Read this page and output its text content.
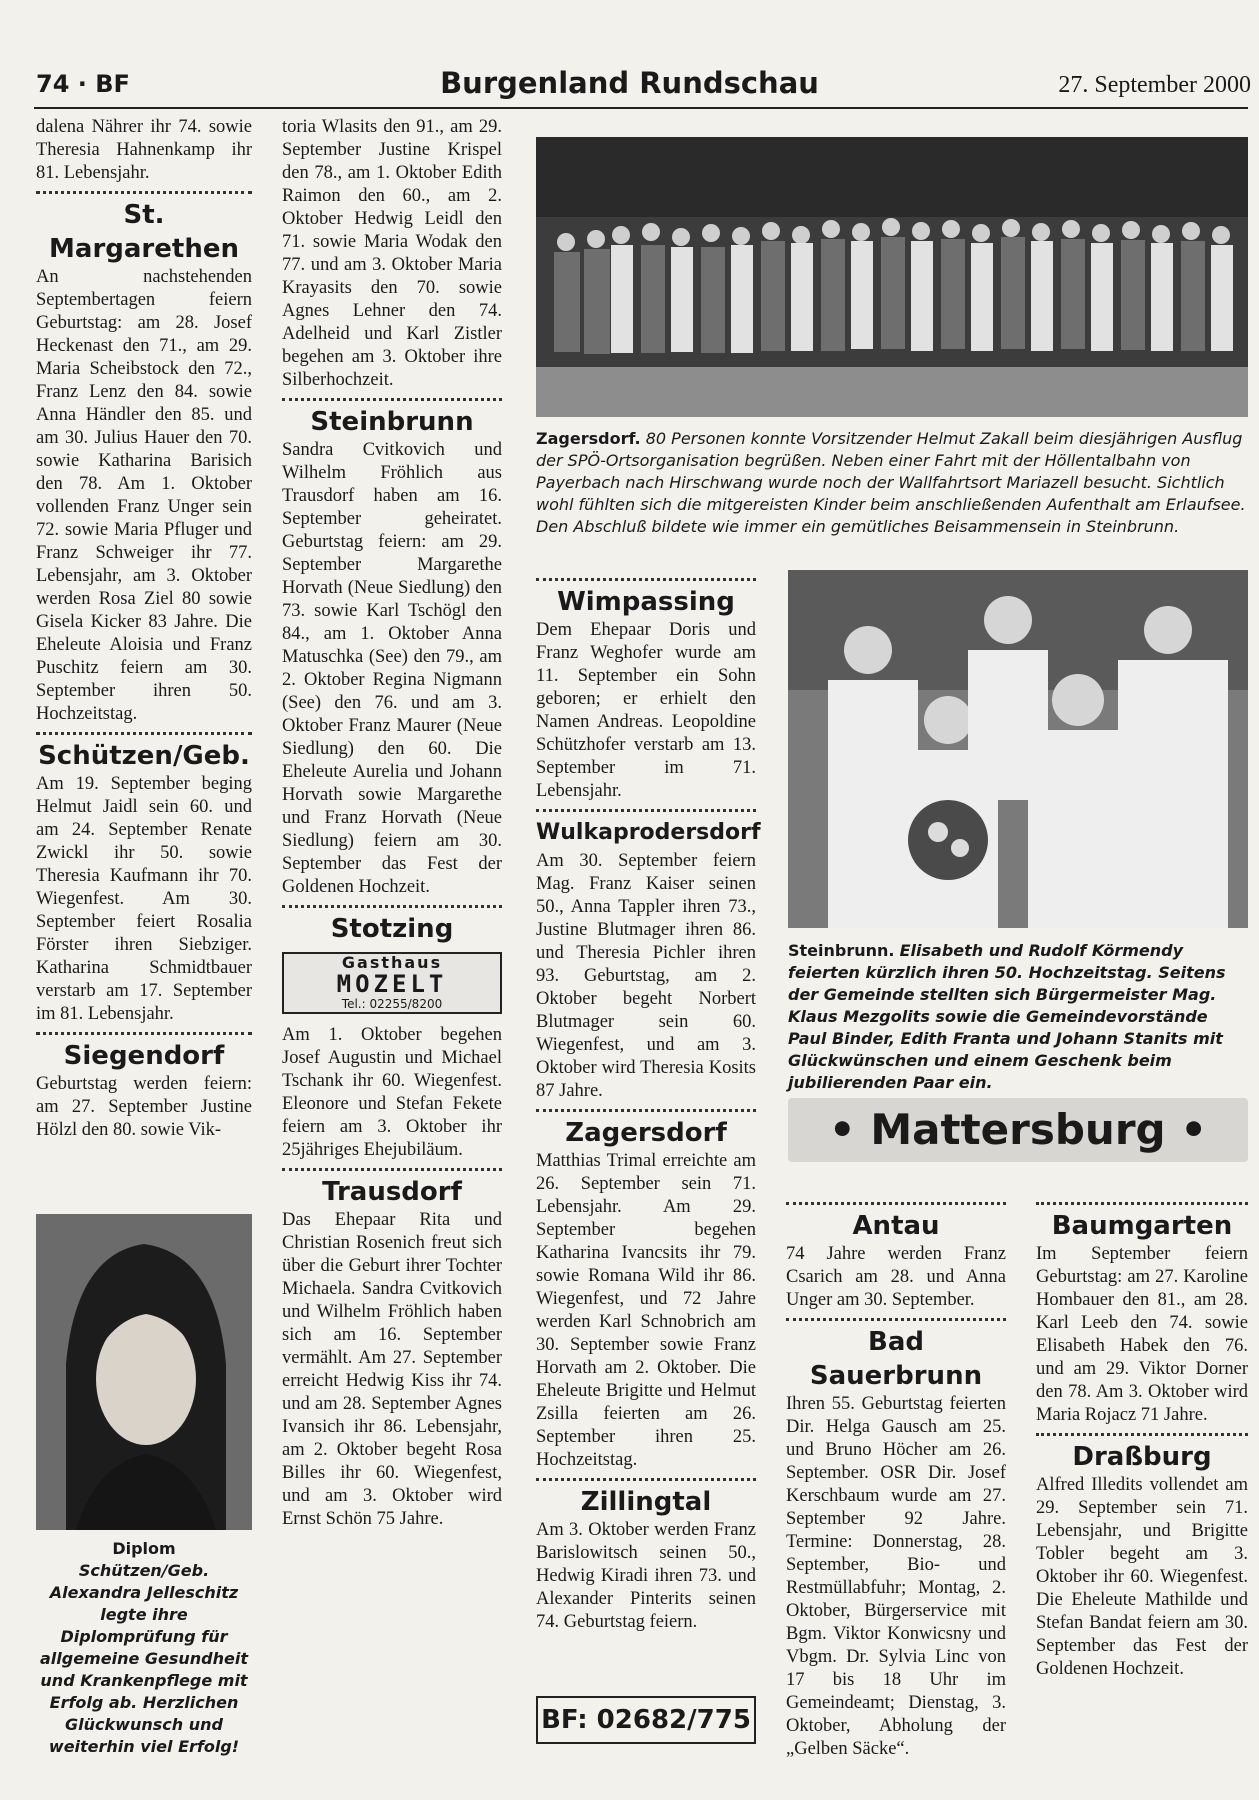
74 · BF	Burgenland Rundschau	27. September 2000

dalena Nährer ihr 74. sowie Theresia Hahnenkamp ihr 81. Lebensjahr.

St. Margarethen

An nachstehenden Septembertagen feiern Geburtstag: am 28. Josef Heckenast den 71., am 29. Maria Scheibstock den 72., Franz Lenz den 84. sowie Anna Händler den 85. und am 30. Julius Hauer den 70. sowie Katharina Barisich den 78. Am 1. Oktober vollenden Franz Unger sein 72. sowie Maria Pfluger und Franz Schweiger ihr 77. Lebensjahr, am 3. Oktober werden Rosa Ziel 80 sowie Gisela Kicker 83 Jahre. Die Eheleute Aloisia und Franz Puschitz feiern am 30. September ihren 50. Hochzeitstag.

Schützen/Geb.

Am 19. September beging Helmut Jaidl sein 60. und am 24. September Renate Zwickl ihr 50. sowie Theresia Kaufmann ihr 70. Wiegenfest. Am 30. September feiert Rosalia Förster ihren Siebziger. Katharina Schmidtbauer verstarb am 17. September im 81. Lebensjahr.

Siegendorf

Geburtstag werden feiern: am 27. September Justine Hölzl den 80. sowie Vik-

Diplom
Schützen/Geb. Alexandra Jelleschitz legte ihre Diplomprüfung für allgemeine Gesundheit und Krankenpflege mit Erfolg ab. Herzlichen Glückwunsch und weiterhin viel Erfolg!

toria Wlasits den 91., am 29. September Justine Krispel den 78., am 1. Oktober Edith Raimon den 60., am 2. Oktober Hedwig Leidl den 71. sowie Maria Wodak den 77. und am 3. Oktober Maria Krayasits den 70. sowie Agnes Lehner den 74. Adelheid und Karl Zistler begehen am 3. Oktober ihre Silberhochzeit.

Steinbrunn

Sandra Cvitkovich und Wilhelm Fröhlich aus Trausdorf haben am 16. September geheiratet. Geburtstag feiern: am 29. September Margarethe Horvath (Neue Siedlung) den 73. sowie Karl Tschögl den 84., am 1. Oktober Anna Matuschka (See) den 79., am 2. Oktober Regina Nigmann (See) den 76. und am 3. Oktober Franz Maurer (Neue Siedlung) den 60. Die Eheleute Aurelia und Johann Horvath sowie Margarethe und Franz Horvath (Neue Siedlung) feiern am 30. September das Fest der Goldenen Hochzeit.

Stotzing
Gasthaus
MOZELT
Tel.: 02255/8200

Am 1. Oktober begehen Josef Augustin und Michael Tschank ihr 60. Wiegenfest. Eleonore und Stefan Fekete feiern am 3. Oktober ihr 25jähriges Ehejubiläum.

Trausdorf

Das Ehepaar Rita und Christian Rosenich freut sich über die Geburt ihrer Tochter Michaela. Sandra Cvitkovich und Wilhelm Fröhlich haben sich am 16. September vermählt. Am 27. September erreicht Hedwig Kiss ihr 74. und am 28. September Agnes Ivansich ihr 86. Lebensjahr, am 2. Oktober begeht Rosa Billes ihr 60. Wiegenfest, und am 3. Oktober wird Ernst Schön 75 Jahre.

Zagersdorf. 80 Personen konnte Vorsitzender Helmut Zakall beim diesjährigen Ausflug der SPÖ-Ortsorganisation begrüßen. Neben einer Fahrt mit der Höllentalbahn von Payerbach nach Hirschwang wurde noch der Wallfahrtsort Mariazell besucht. Sichtlich wohl fühlten sich die mitgereisten Kinder beim anschließenden Aufenthalt am Erlaufsee. Den Abschluß bildete wie immer ein gemütliches Beisammensein in Steinbrunn.
Wimpassing

Dem Ehepaar Doris und Franz Weghofer wurde am 11. September ein Sohn geboren; er erhielt den Namen Andreas. Leopoldine Schützhofer verstarb am 13. September im 71. Lebensjahr.

Wulkaprodersdorf

Am 30. September feiern Mag. Franz Kaiser seinen 50., Anna Tappler ihren 73., Justine Blutmager ihren 86. und Theresia Pichler ihren 93. Geburtstag, am 2. Oktober begeht Norbert Blutmager sein 60. Wiegenfest, und am 3. Oktober wird Theresia Kosits 87 Jahre.

Zagersdorf

Matthias Trimal erreichte am 26. September sein 71. Lebensjahr. Am 29. September begehen Katharina Ivancsits ihr 79. sowie Romana Wild ihr 86. Wiegenfest, und 72 Jahre werden Karl Schnobrich am 30. September sowie Franz Horvath am 2. Oktober. Die Eheleute Brigitte und Helmut Zsilla feierten am 26. September ihren 25. Hochzeitstag.

Zillingtal

Am 3. Oktober werden Franz Barislowitsch seinen 50., Hedwig Kiradi ihren 73. und Alexander Pinterits seinen 74. Geburtstag feiern.

BF: 02682/775
Steinbrunn. Elisabeth und Rudolf Körmendy feierten kürzlich ihren 50. Hochzeitstag. Seitens der Gemeinde stellten sich Bürgermeister Mag. Klaus Mezgolits sowie die Gemeindevorstände Paul Binder, Edith Franta und Johann Stanits mit Glückwünschen und einem Geschenk beim jubilierenden Paar ein.
• Mattersburg •
Antau

74 Jahre werden Franz Csarich am 28. und Anna Unger am 30. September.

Bad Sauerbrunn

Ihren 55. Geburtstag feierten Dir. Helga Gausch am 25. und Bruno Höcher am 26. September. OSR Dir. Josef Kerschbaum wurde am 27. September 92 Jahre. Termine: Donnerstag, 28. September, Bio- und Restmüllabfuhr; Montag, 2. Oktober, Bürgerservice mit Bgm. Viktor Konwicsny und Vbgm. Dr. Sylvia Linc von 17 bis 18 Uhr im Gemeindeamt; Dienstag, 3. Oktober, Abholung der „Gelben Säcke“.

Baumgarten

Im September feiern Geburtstag: am 27. Karoline Hombauer den 81., am 28. Karl Leeb den 74. sowie Elisabeth Habek den 76. und am 29. Viktor Dorner den 78. Am 3. Oktober wird Maria Rojacz 71 Jahre.

Draßburg

Alfred Illedits vollendet am 29. September sein 71. Lebensjahr, und Brigitte Tobler begeht am 3. Oktober ihr 60. Wiegenfest. Die Eheleute Mathilde und Stefan Bandat feiern am 30. September das Fest der Goldenen Hochzeit.
